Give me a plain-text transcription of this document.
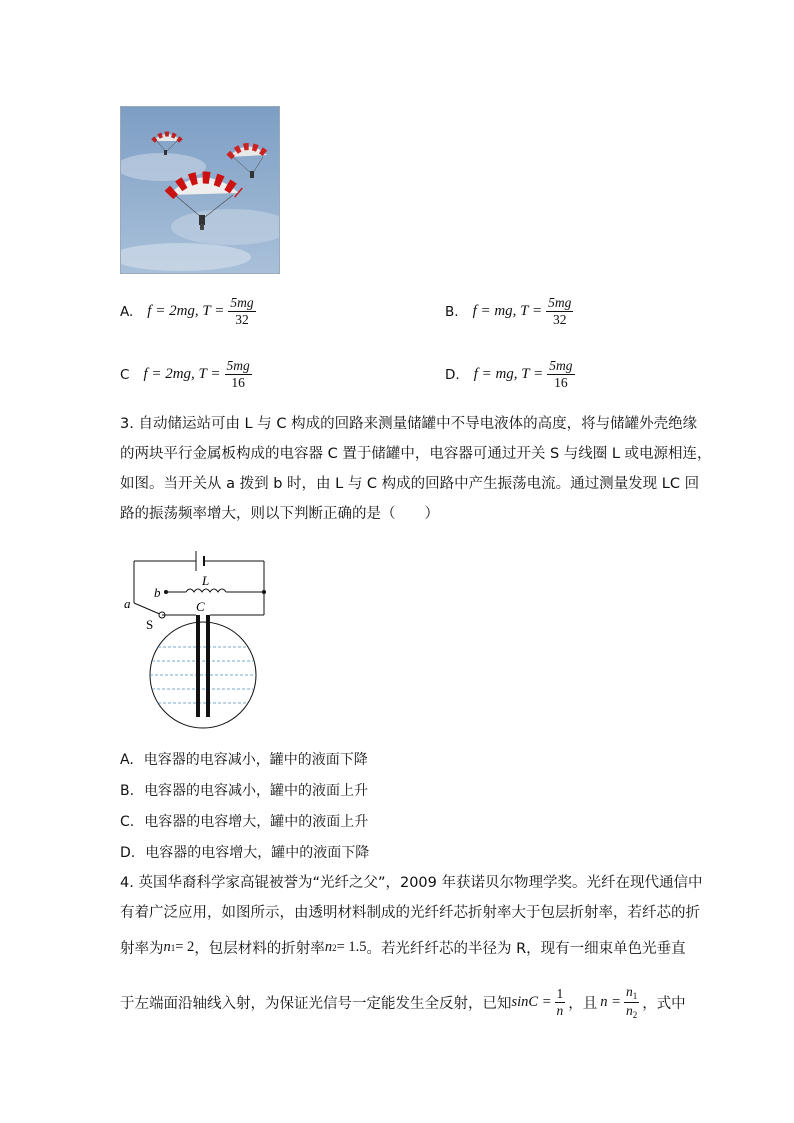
A. f = 2mg, $T = \frac{5mg}{32}$	B. f = mg, $T = \frac{5mg}{32}$
C f = 2mg, $T = \frac{5mg}{16}$	D. f = mg, $T = \frac{5mg}{16}$
3. 自动储运站可由 L 与 C 构成的回路来测量储罐中不导电液体的高度，将与储罐外壳绝缘
的两块平行金属板构成的电容器 C 置于储罐中，电容器可通过开关 S 与线圈 L 或电源相连，
如图。当开关从 a 拨到 b 时，由 L 与 C 构成的回路中产生振荡电流。通过测量发现 LC 回
路的振荡频率增大，则以下判断正确的是（　　）
L
a
b
S
C
A. 电容器的电容减小，罐中的液面下降
B. 电容器的电容减小，罐中的液面上升
C. 电容器的电容增大，罐中的液面上升
D. 电容器的电容增大，罐中的液面下降
4. 英国华裔科学家高锟被誉为“光纤之父”，2009 年获诺贝尔物理学奖。光纤在现代通信中
有着广泛应用，如图所示，由透明材料制成的光纤纤芯折射率大于包层折射率，若纤芯的折
射率为 n 1 = 2 ，包层材料的折射率 n 2 = 1.5 。若光纤纤芯的半径为 R，现有一细束单色光垂直
于左端面沿轴线入射，为保证光信号一定能发生全反射，已知 $\sin C = \frac{1}{n}$ ，且 $n = \frac{n_1}{n_2}$ ，式中
